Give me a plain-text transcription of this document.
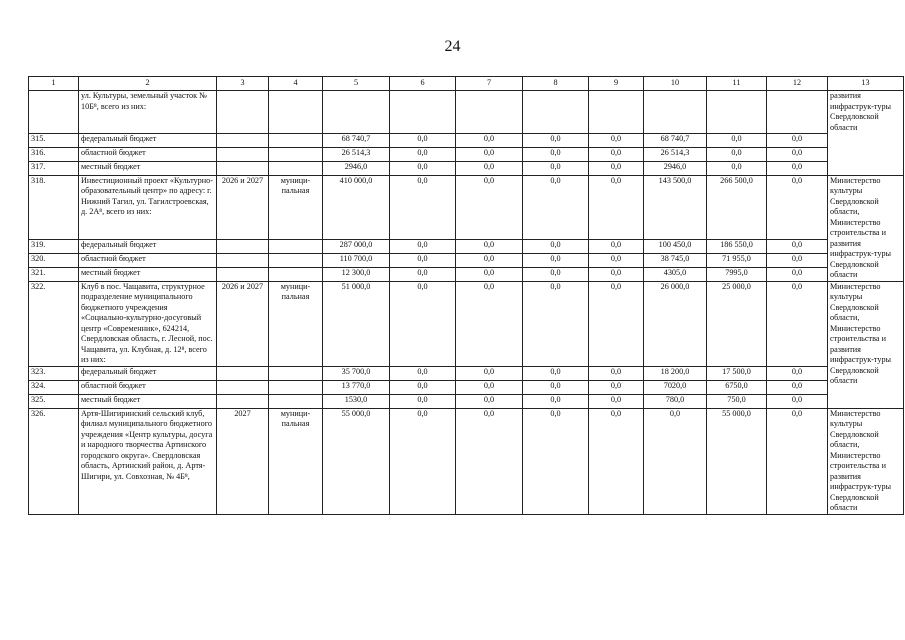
24
1	2	3	4	5	6	7	8	9	10	11	12	13
	ул. Культуры, земельный участок № 10Б⁸, всего из них:											развития инфраструк-туры Свердловской области
315.	федеральный бюджет			68 740,7	0,0	0,0	0,0	0,0	68 740,7	0,0	0,0	
316.	областной бюджет			26 514,3	0,0	0,0	0,0	0,0	26 514,3	0,0	0,0	
317.	местный бюджет			2946,0	0,0	0,0	0,0	0,0	2946,0	0,0	0,0	
318.	Инвестиционный проект «Культурно-образовательный центр» по адресу: г. Нижний Тагил, ул. Тагилстроевская, д. 2А⁸, всего из них:	2026 и 2027	муници-пальная	410 000,0	0,0	0,0	0,0	0,0	143 500,0	266 500,0	0,0	Министерство культуры Свердловской области, Министерство строительства и развития инфраструк-туры Свердловской области
319.	федеральный бюджет			287 000,0	0,0	0,0	0,0	0,0	100 450,0	186 550,0	0,0	
320.	областной бюджет			110 700,0	0,0	0,0	0,0	0,0	38 745,0	71 955,0	0,0	
321.	местный бюджет			12 300,0	0,0	0,0	0,0	0,0	4305,0	7995,0	0,0	
322.	Клуб в пос. Чащавита, структурное подразделение муниципального бюджетного учреждения «Социально-культурно-досуговый центр «Современник», 624214, Свердловская область, г. Лесной, пос. Чащавита, ул. Клубная, д. 12⁸, всего из них:	2026 и 2027	муници-пальная	51 000,0	0,0	0,0	0,0	0,0	26 000,0	25 000,0	0,0	Министерство культуры Свердловской области, Министерство строительства и развития инфраструк-туры Свердловской области
323.	федеральный бюджет			35 700,0	0,0	0,0	0,0	0,0	18 200,0	17 500,0	0,0	
324.	областной бюджет			13 770,0	0,0	0,0	0,0	0,0	7020,0	6750,0	0,0	
325.	местный бюджет			1530,0	0,0	0,0	0,0	0,0	780,0	750,0	0,0	
326.	Артя-Шигиринский сельский клуб, филиал муниципального бюджетного учреждения «Центр культуры, досуга и народного творчества Артинского городского округа». Свердловская область, Артинский район, д. Артя-Шигири, ул. Совхозная, № 4Б⁸,	2027	муници-пальная	55 000,0	0,0	0,0	0,0	0,0	0,0	55 000,0	0,0	Министерство культуры Свердловской области, Министерство строительства и развития инфраструк-туры Свердловской области
